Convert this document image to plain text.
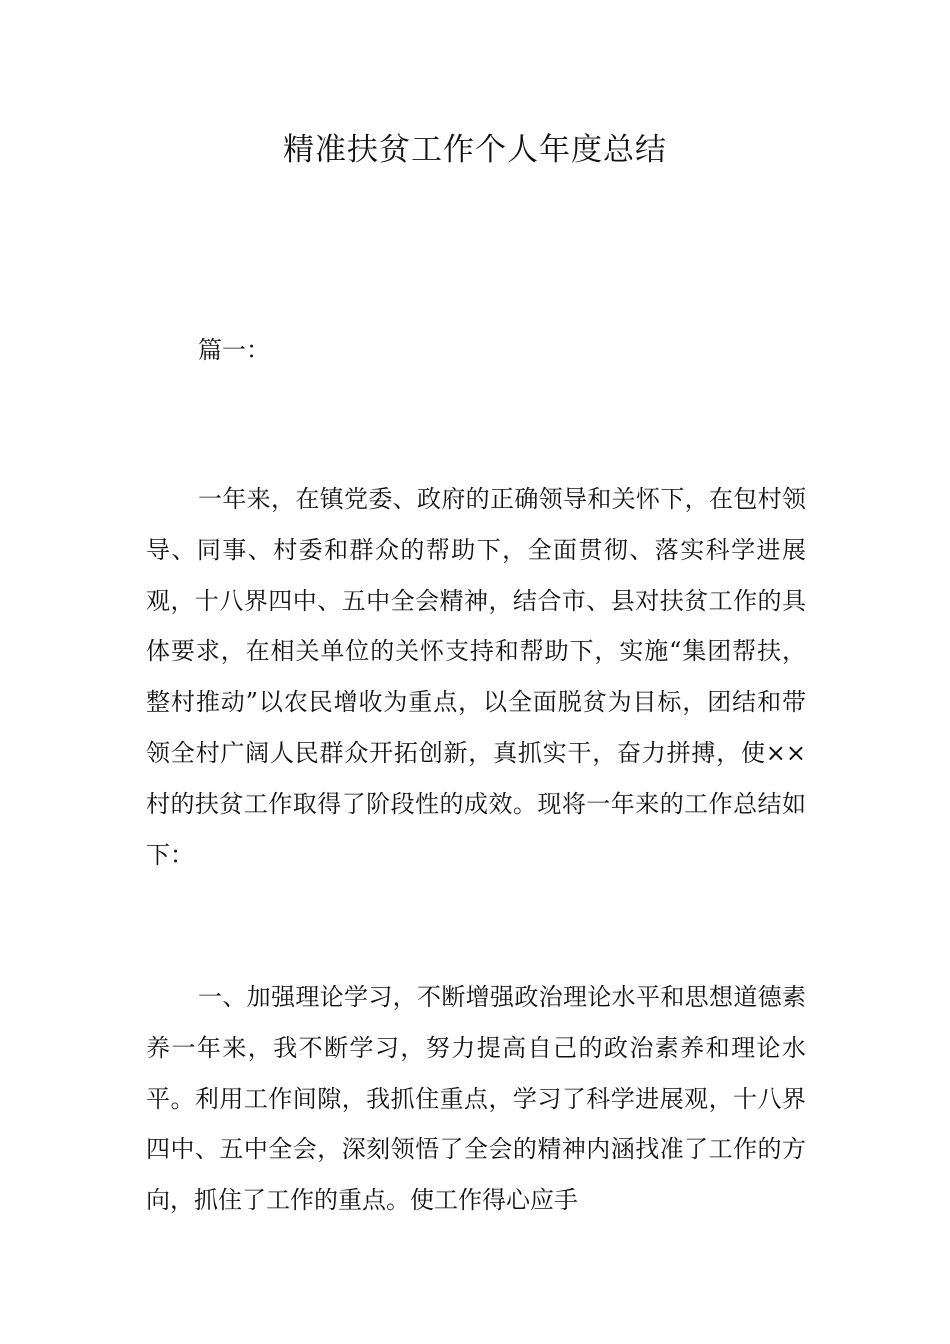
精准扶贫工作个人年度总结

篇一：

一年来，在镇党委、政府的正确领导和关怀下，在包村领导、同事、村委和群众的帮助下，全面贯彻、落实科学进展观，十八界四中、五中全会精神，结合市、县对扶贫工作的具体要求，在相关单位的关怀支持和帮助下，实施“集团帮扶，整村推动”以农民增收为重点，以全面脱贫为目标，团结和带领全村广阔人民群众开拓创新，真抓实干，奋力拼搏，使××村的扶贫工作取得了阶段性的成效。现将一年来的工作总结如下：

一、加强理论学习，不断增强政治理论水平和思想道德素养一年来，我不断学习，努力提高自己的政治素养和理论水平。利用工作间隙，我抓住重点，学习了科学进展观，十八界四中、五中全会，深刻领悟了全会的精神内涵找准了工作的方向，抓住了工作的重点。使工作得心应手
